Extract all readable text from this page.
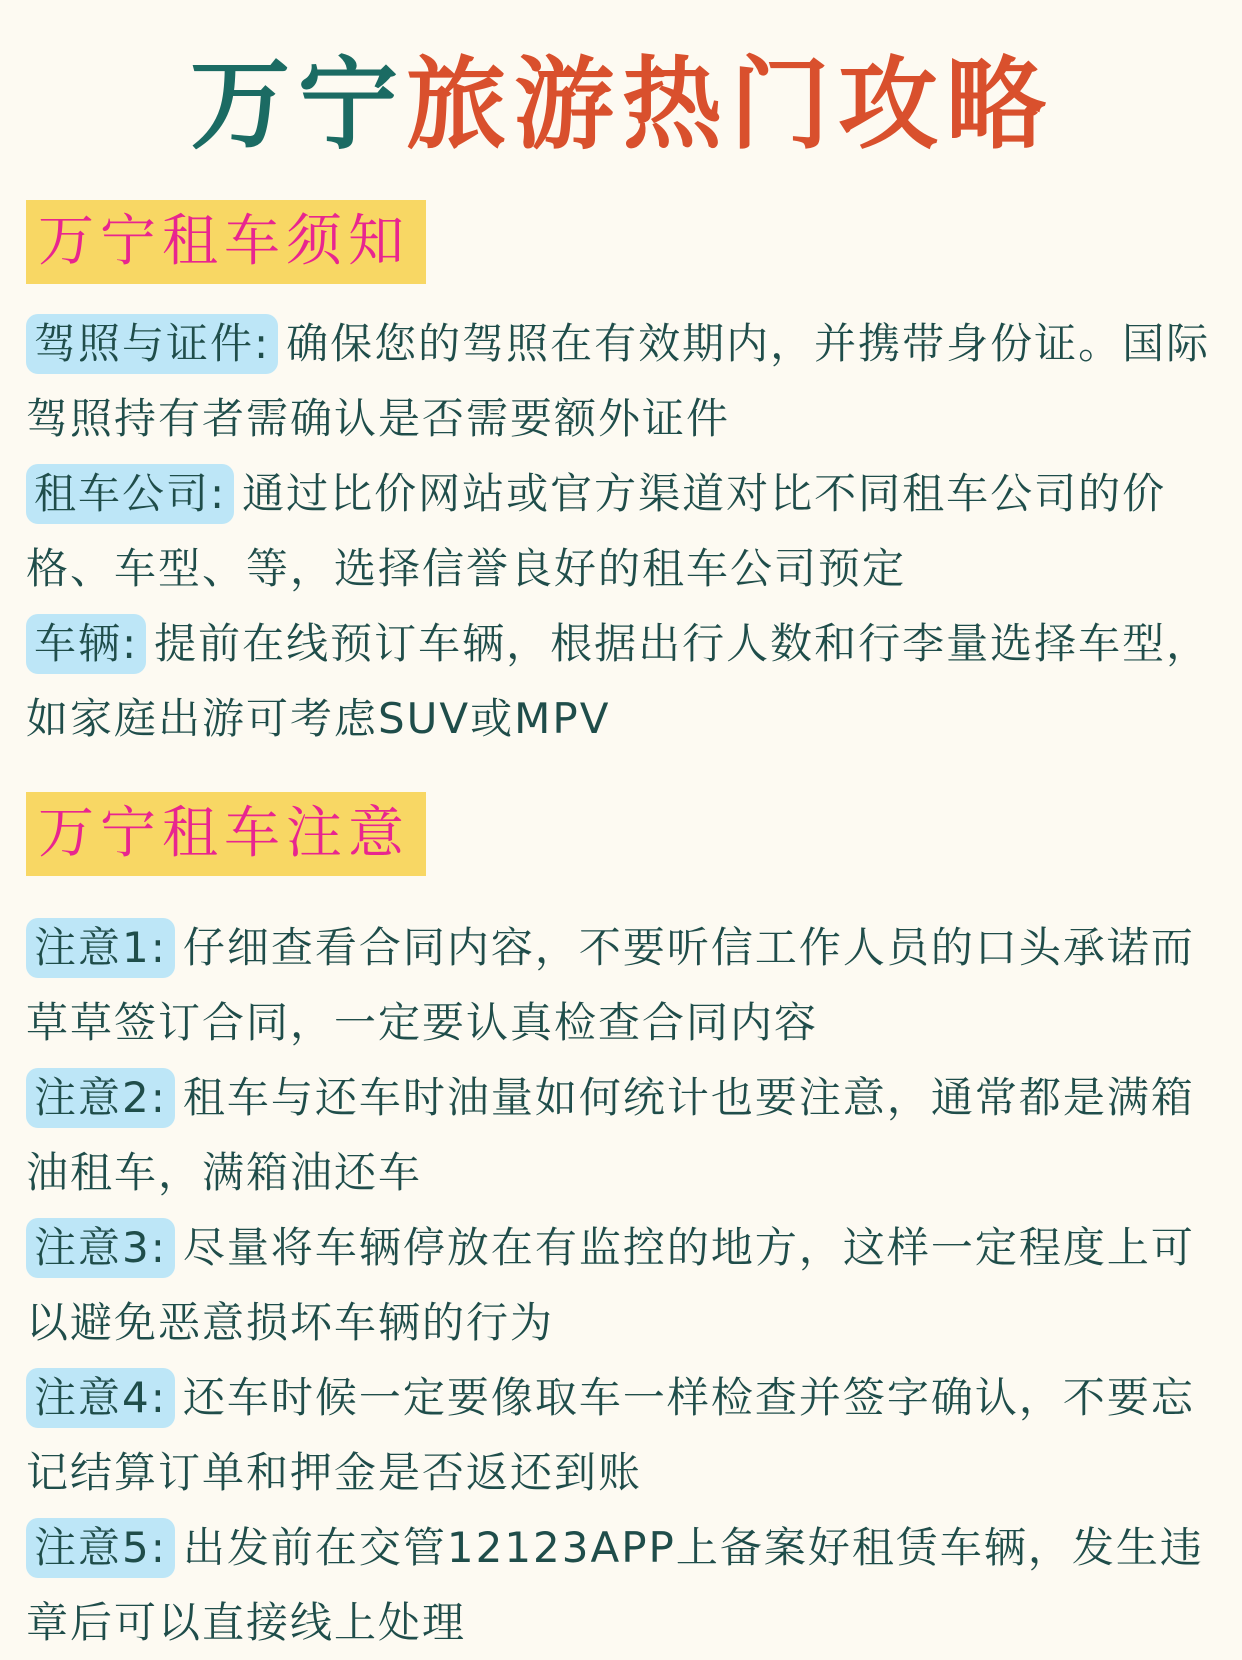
万宁旅游热门攻略
万宁租车须知
驾照与证件: 确保您的驾照在有效期内，并携带身份证。国际驾照持有者需确认是否需要额外证件
租车公司: 通过比价网站或官方渠道对比不同租车公司的价格、车型、等，选择信誉良好的租车公司预定
车辆: 提前在线预订车辆，根据出行人数和行李量选择车型，如家庭出游可考虑SUV或MPV
万宁租车注意
注意1: 仔细查看合同内容，不要听信工作人员的口头承诺而草草签订合同，一定要认真检查合同内容
注意2: 租车与还车时油量如何统计也要注意，通常都是满箱油租车，满箱油还车
注意3: 尽量将车辆停放在有监控的地方，这样一定程度上可以避免恶意损坏车辆的行为
注意4: 还车时候一定要像取车一样检查并签字确认，不要忘记结算订单和押金是否返还到账
注意5: 出发前在交管12123APP上备案好租赁车辆，发生违章后可以直接线上处理
